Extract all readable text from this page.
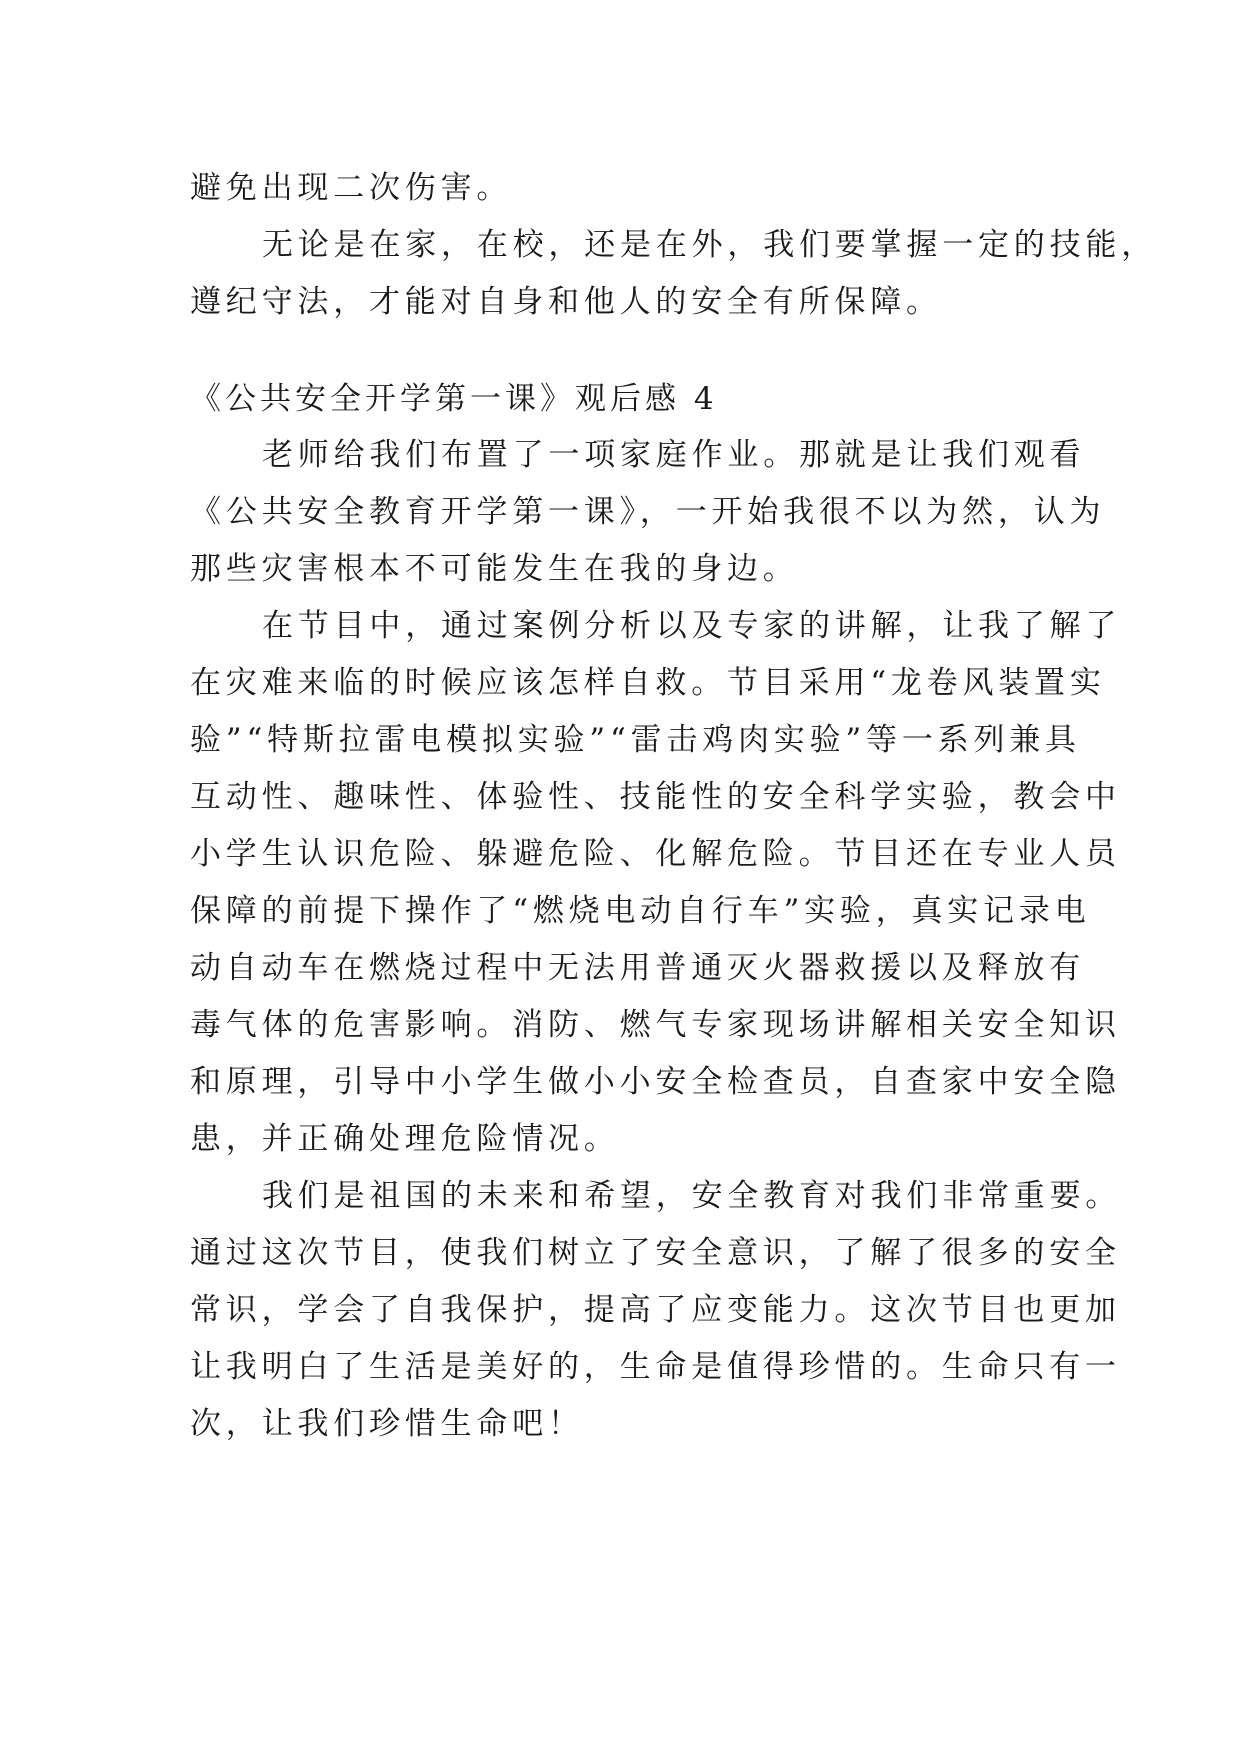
避免出现二次伤害。
无论是在家，在校，还是在外，我们要掌握一定的技能，
遵纪守法，才能对自身和他人的安全有所保障。
《公共安全开学第一课》观后感 4
老师给我们布置了一项家庭作业。那就是让我们观看
《公共安全教育开学第一课》，一开始我很不以为然，认为
那些灾害根本不可能发生在我的身边。
在节目中，通过案例分析以及专家的讲解，让我了解了
在灾难来临的时候应该怎样自救。节目采用“龙卷风装置实
验”“特斯拉雷电模拟实验”“雷击鸡肉实验”等一系列兼具
互动性、趣味性、体验性、技能性的安全科学实验，教会中
小学生认识危险、躲避危险、化解危险。节目还在专业人员
保障的前提下操作了“燃烧电动自行车”实验，真实记录电
动自动车在燃烧过程中无法用普通灭火器救援以及释放有
毒气体的危害影响。消防、燃气专家现场讲解相关安全知识
和原理，引导中小学生做小小安全检查员，自查家中安全隐
患，并正确处理危险情况。
我们是祖国的未来和希望，安全教育对我们非常重要。
通过这次节目，使我们树立了安全意识，了解了很多的安全
常识，学会了自我保护，提高了应变能力。这次节目也更加
让我明白了生活是美好的，生命是值得珍惜的。生命只有一
次，让我们珍惜生命吧！
